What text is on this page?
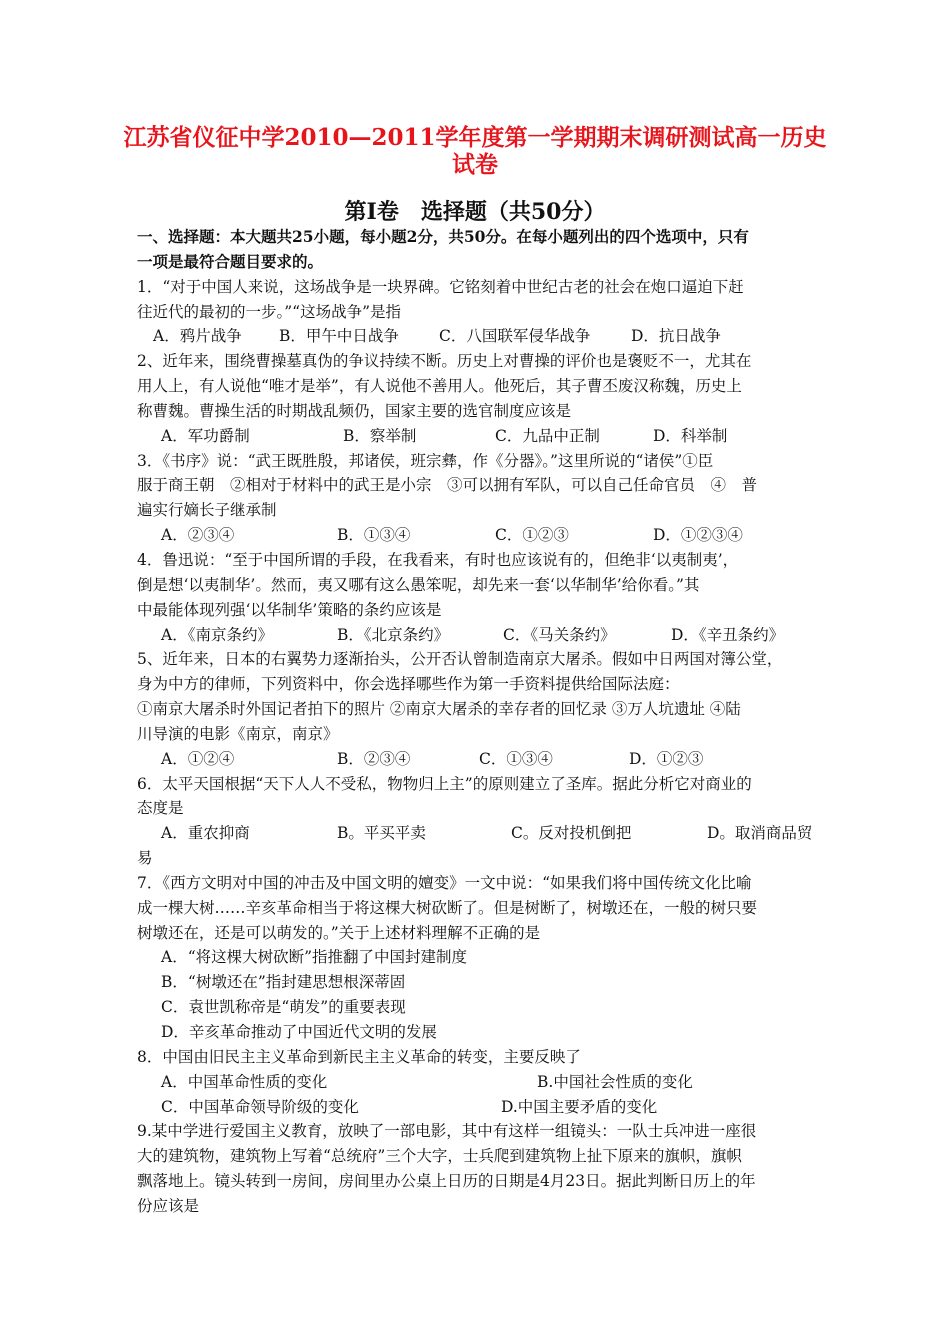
江苏省仪征中学2010—2011学年度第一学期期末调研测试高一历史
试卷
第Ⅰ卷　选择题（共50分）
一、选择题：本大题共25小题，每小题2分，共50分。在每小题列出的四个选项中，只有
一项是最符合题目要求的。
1．“对于中国人来说，这场战争是一块界碑。它铭刻着中世纪古老的社会在炮口逼迫下赶
往近代的最初的一步。”“这场战争”是指
A．鸦片战争 B．甲午中日战争	C．八国联军侵华战争	D．抗日战争
2、近年来，围绕曹操墓真伪的争议持续不断。历史上对曹操的评价也是褒贬不一，尤其在
用人上，有人说他“唯才是举”，有人说他不善用人。他死后，其子曹丕废汉称魏，历史上
称曹魏。曹操生活的时期战乱频仍，国家主要的选官制度应该是
A．军功爵制	B．察举制	C．九品中正制	D．科举制
3．《书序》说：“武王既胜殷，邦诸侯，班宗彝，作《分器》。”这里所说的“诸侯”①臣
服于商王朝　②相对于材料中的武王是小宗　③可以拥有军队，可以自己任命官员　④　普
遍实行嫡长子继承制
A．②③④	B．①③④	C．①②③	D．①②③④
4．鲁迅说：“至于中国所谓的手段，在我看来，有时也应该说有的，但绝非‘以夷制夷’，
倒是想‘以夷制华’。然而，夷又哪有这么愚笨呢，却先来一套‘以华制华’给你看。”其
中最能体现列强‘以华制华’策略的条约应该是
A．《南京条约》	B．《北京条约》	C．《马关条约》	D．《辛丑条约》
5、近年来，日本的右翼势力逐渐抬头，公开否认曾制造南京大屠杀。假如中日两国对簿公堂，
身为中方的律师，下列资料中，你会选择哪些作为第一手资料提供给国际法庭：
①南京大屠杀时外国记者拍下的照片 ②南京大屠杀的幸存者的回忆录 ③万人坑遗址 ④陆
川导演的电影《南京，南京》
A．①②④	B．②③④	C．①③④	D．①②③
6．太平天国根据“天下人人不受私，物物归上主”的原则建立了圣库。据此分析它对商业的
态度是
A．重农抑商	B。平买平卖	C。反对投机倒把	D。取消商品贸
易
7．《西方文明对中国的冲击及中国文明的嬗变》一文中说：“如果我们将中国传统文化比喻
成一棵大树……辛亥革命相当于将这棵大树砍断了。但是树断了，树墩还在，一般的树只要
树墩还在，还是可以萌发的。”关于上述材料理解不正确的是
A．“将这棵大树砍断”指推翻了中国封建制度
B．“树墩还在”指封建思想根深蒂固
C．袁世凯称帝是“萌发”的重要表现
D．辛亥革命推动了中国近代文明的发展
8．中国由旧民主主义革命到新民主主义革命的转变，主要反映了
A．中国革命性质的变化	B.中国社会性质的变化
C．中国革命领导阶级的变化	D.中国主要矛盾的变化
9.某中学进行爱国主义教育，放映了一部电影，其中有这样一组镜头：一队士兵冲进一座很
大的建筑物，建筑物上写着“总统府”三个大字，士兵爬到建筑物上扯下原来的旗帜，旗帜
飘落地上。镜头转到一房间，房间里办公桌上日历的日期是4月23日。据此判断日历上的年
份应该是
